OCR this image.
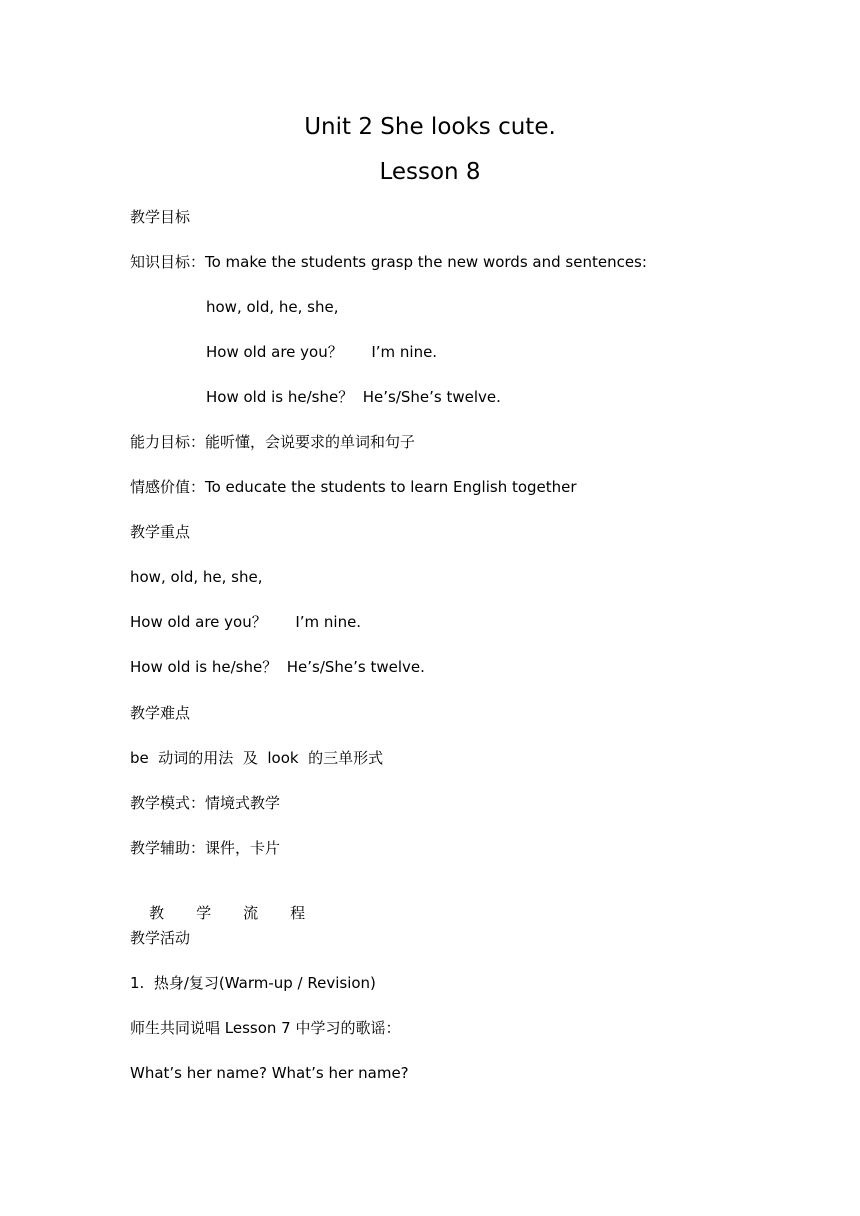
Unit 2 She looks cute.
Lesson 8
教学目标
知识目标：To make the students grasp the new words and sentences:
how, old, he, she,
How old are you？      I’m nine.
How old is he/she？  He’s/She’s twelve.
能力目标：能听懂，会说要求的单词和句子
情感价值：To educate the students to learn English together
教学重点
how, old, he, she,
How old are you？      I’m nine.
How old is he/she？  He’s/She’s twelve.
教学难点
be  动词的用法  及  look  的三单形式
教学模式：情境式教学
教学辅助：课件，卡片

教 学 流 程

教学活动
1.  热身/复习(Warm-up / Revision)
师生共同说唱 Lesson 7 中学习的歌谣：
What’s her name? What’s her name?
